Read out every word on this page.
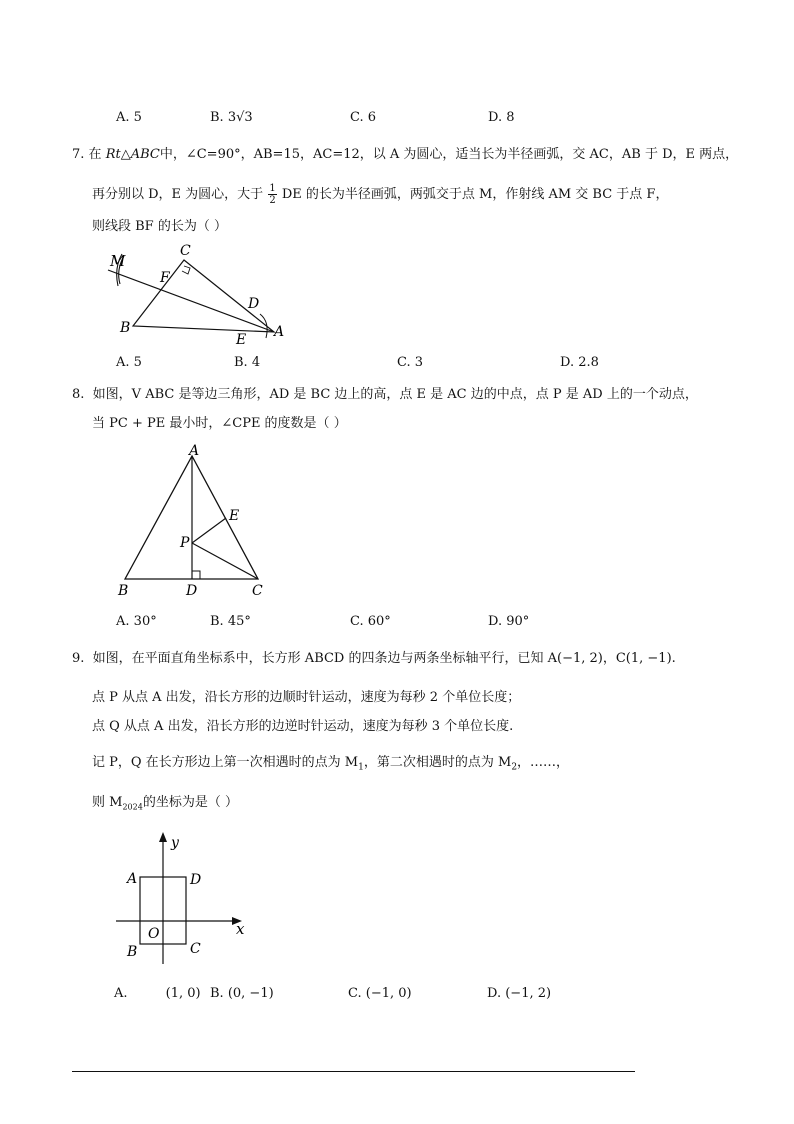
A. 5	B. 3√3	C. 6	D. 8
7. 在 Rt△ABC中，∠C=90°，AB=15，AC=12，以 A 为圆心，适当长为半径画弧，交 AC，AB 于 D，E 两点，
再分别以 D，E 为圆心，大于 $\frac{1}{2}$ DE 的长为半径画弧，两弧交于点 M，作射线 AM 交 BC 于点 F，
则线段 BF 的长为（ ）
M
C
F
D
B
E A
A. 5	B. 4	C. 3	D. 2.8
8. 如图，V ABC 是等边三角形，AD 是 BC 边上的高，点 E 是 AC 边的中点，点 P 是 AD 上的一个动点，
当 PC + PE 最小时，∠CPE 的度数是（ ）
A
E
P
B	D	C
A. 30°	B. 45°	C. 60°	D. 90°
9. 如图，在平面直角坐标系中，长方形 ABCD 的四条边与两条坐标轴平行，已知 A(−1, 2)，C(1, −1).
点 P 从点 A 出发，沿长方形的边顺时针运动，速度为每秒 2 个单位长度；
点 Q 从点 A 出发，沿长方形的边逆时针运动，速度为每秒 3 个单位长度.
记 P，Q 在长方形边上第一次相遇时的点为 $M_1$，第二次相遇时的点为 $M_2$，……，
则 $M_{2024}$的坐标为是（ ）
y
x
A	D
O
B	C
A.	(1, 0) B. (0, −1)	C. (−1, 0)	D. (−1, 2)
